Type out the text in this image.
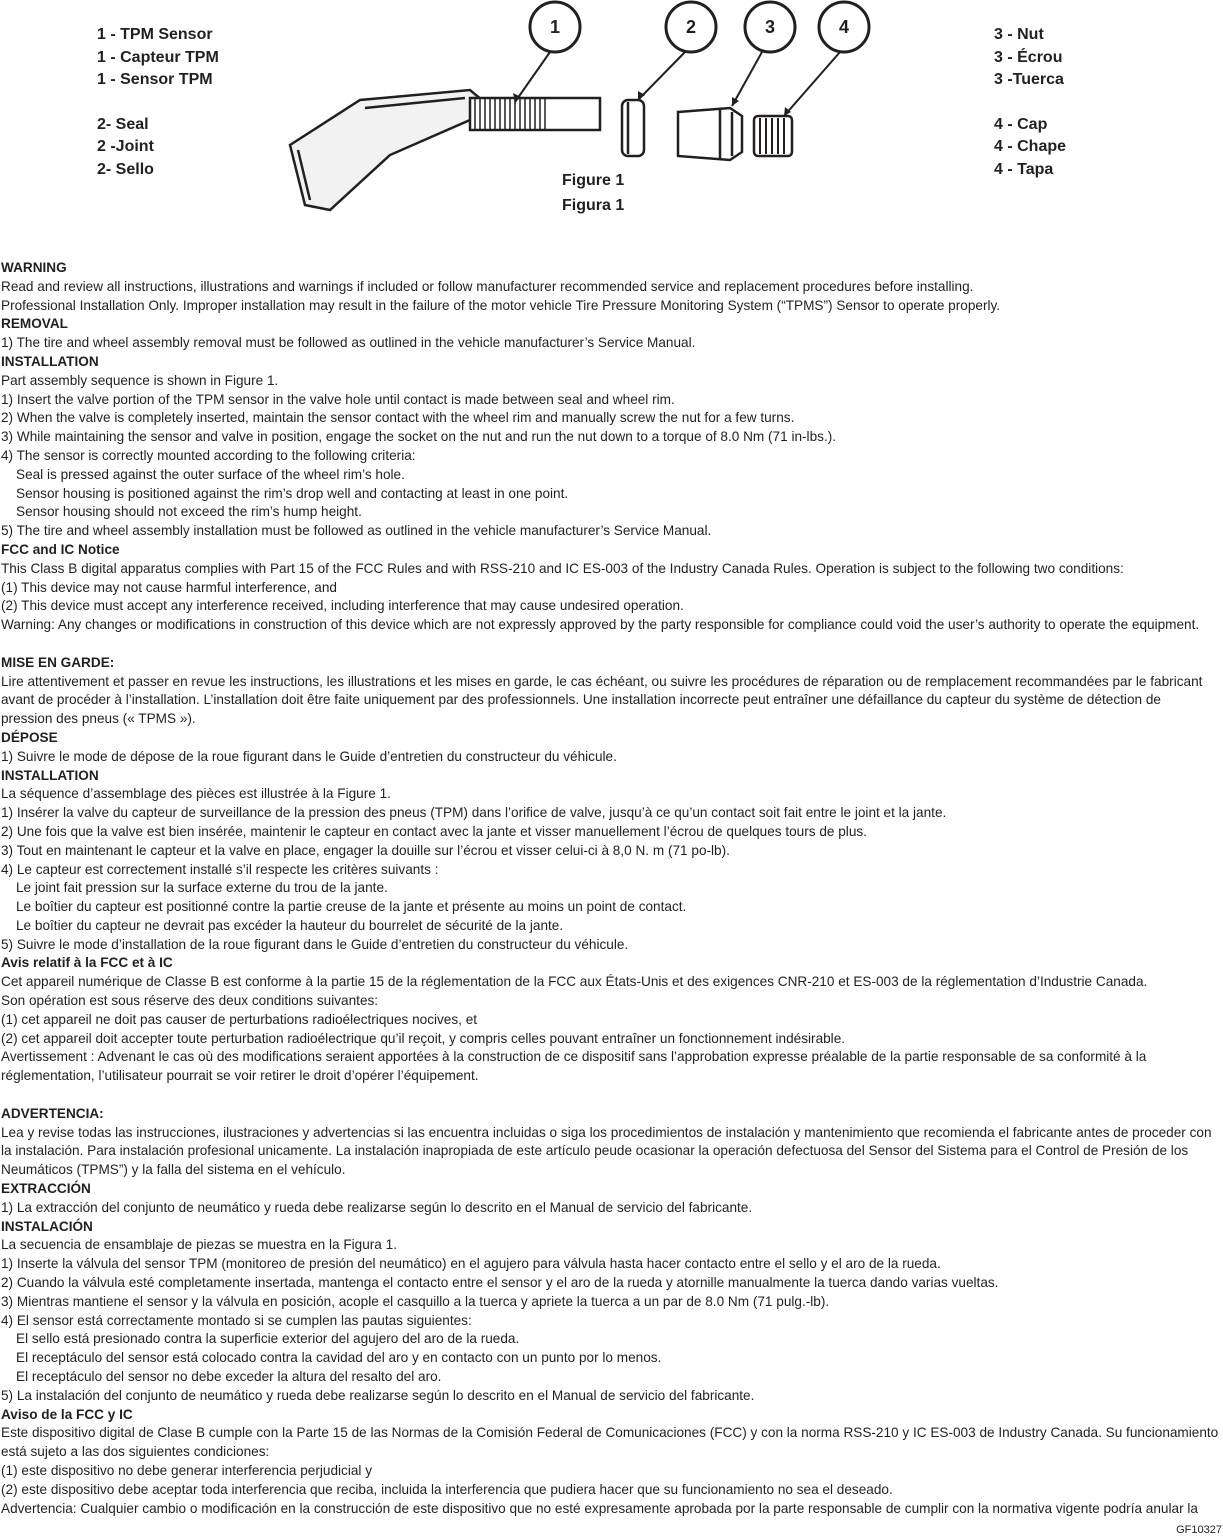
1 - TPM Sensor
1 - Capteur TPM
1 - Sensor TPM
2- Seal
2 -Joint
2- Sello
3 - Nut
3 - Écrou
3 -Tuerca
4 - Cap
4 - Chape
4 - Tapa
1	2	3	4
Figure 1
Figura 1
WARNING
Read and review all instructions, illustrations and warnings if included or follow manufacturer recommended service and replacement procedures before installing.
Professional Installation Only. Improper installation may result in the failure of the motor vehicle Tire Pressure Monitoring System (“TPMS”) Sensor to operate properly.
REMOVAL
1) The tire and wheel assembly removal must be followed as outlined in the vehicle manufacturer’s Service Manual.
INSTALLATION
Part assembly sequence is shown in Figure 1.
1) Insert the valve portion of the TPM sensor in the valve hole until contact is made between seal and wheel rim.
2) When the valve is completely inserted, maintain the sensor contact with the wheel rim and manually screw the nut for a few turns.
3) While maintaining the sensor and valve in position, engage the socket on the nut and run the nut down to a torque of 8.0 Nm (71 in-lbs.).
4) The sensor is correctly mounted according to the following criteria:
Seal is pressed against the outer surface of the wheel rim’s hole.
Sensor housing is positioned against the rim’s drop well and contacting at least in one point.
Sensor housing should not exceed the rim’s hump height.
5) The tire and wheel assembly installation must be followed as outlined in the vehicle manufacturer’s Service Manual.
FCC and IC Notice
This Class B digital apparatus complies with Part 15 of the FCC Rules and with RSS-210 and IC ES-003 of the Industry Canada Rules. Operation is subject to the following two conditions:
(1) This device may not cause harmful interference, and
(2) This device must accept any interference received, including interference that may cause undesired operation.
Warning: Any changes or modifications in construction of this device which are not expressly approved by the party responsible for compliance could void the user’s authority to operate the equipment.
MISE EN GARDE:
Lire attentivement et passer en revue les instructions, les illustrations et les mises en garde, le cas échéant, ou suivre les procédures de réparation ou de remplacement recommandées par le fabricant
avant de procéder à l’installation. L’installation doit être faite uniquement par des professionnels. Une installation incorrecte peut entraîner une défaillance du capteur du système de détection de
pression des pneus (« TPMS »).
DÉPOSE
1) Suivre le mode de dépose de la roue figurant dans le Guide d’entretien du constructeur du véhicule.
INSTALLATION
La séquence d’assemblage des pièces est illustrée à la Figure 1.
1) Insérer la valve du capteur de surveillance de la pression des pneus (TPM) dans l’orifice de valve, jusqu’à ce qu’un contact soit fait entre le joint et la jante.
2) Une fois que la valve est bien insérée, maintenir le capteur en contact avec la jante et visser manuellement l’écrou de quelques tours de plus.
3) Tout en maintenant le capteur et la valve en place, engager la douille sur l’écrou et visser celui-ci à 8,0 N. m (71 po-lb).
4) Le capteur est correctement installé s’il respecte les critères suivants :
Le joint fait pression sur la surface externe du trou de la jante.
Le boîtier du capteur est positionné contre la partie creuse de la jante et présente au moins un point de contact.
Le boîtier du capteur ne devrait pas excéder la hauteur du bourrelet de sécurité de la jante.
5) Suivre le mode d’installation de la roue figurant dans le Guide d’entretien du constructeur du véhicule.
Avis relatif à la FCC et à IC
Cet appareil numérique de Classe B est conforme à la partie 15 de la réglementation de la FCC aux États-Unis et des exigences CNR-210 et ES-003 de la réglementation d’Industrie Canada.
Son opération est sous réserve des deux conditions suivantes:
(1) cet appareil ne doit pas causer de perturbations radioélectriques nocives, et
(2) cet appareil doit accepter toute perturbation radioélectrique qu’il reçoit, y compris celles pouvant entraîner un fonctionnement indésirable.
Avertissement : Advenant le cas où des modifications seraient apportées à la construction de ce dispositif sans l’approbation expresse préalable de la partie responsable de sa conformité à la
réglementation, l’utilisateur pourrait se voir retirer le droit d’opérer l’équipement.
ADVERTENCIA:
Lea y revise todas las instrucciones, ilustraciones y advertencias si las encuentra incluidas o siga los procedimientos de instalación y mantenimiento que recomienda el fabricante antes de proceder con
la instalación. Para instalación profesional unicamente. La instalación inapropiada de este artículo peude ocasionar la operación defectuosa del Sensor del Sistema para el Control de Presión de los
Neumáticos (TPMS”) y la falla del sistema en el vehículo.
EXTRACCIÓN
1) La extracción del conjunto de neumático y rueda debe realizarse según lo descrito en el Manual de servicio del fabricante.
INSTALACIÓN
La secuencia de ensamblaje de piezas se muestra en la Figura 1.
1) Inserte la válvula del sensor TPM (monitoreo de presión del neumático) en el agujero para válvula hasta hacer contacto entre el sello y el aro de la rueda.
2) Cuando la válvula esté completamente insertada, mantenga el contacto entre el sensor y el aro de la rueda y atornille manualmente la tuerca dando varias vueltas.
3) Mientras mantiene el sensor y la válvula en posición, acople el casquillo a la tuerca y apriete la tuerca a un par de 8.0 Nm (71 pulg.-lb).
4) El sensor está correctamente montado si se cumplen las pautas siguientes:
El sello está presionado contra la superficie exterior del agujero del aro de la rueda.
El receptáculo del sensor está colocado contra la cavidad del aro y en contacto con un punto por lo menos.
El receptáculo del sensor no debe exceder la altura del resalto del aro.
5) La instalación del conjunto de neumático y rueda debe realizarse según lo descrito en el Manual de servicio del fabricante.
Aviso de la FCC y IC
Este dispositivo digital de Clase B cumple con la Parte 15 de las Normas de la Comisión Federal de Comunicaciones (FCC) y con la norma RSS-210 y IC ES-003 de Industry Canada. Su funcionamiento
está sujeto a las dos siguientes condiciones:
(1) este dispositivo no debe generar interferencia perjudicial y
(2) este dispositivo debe aceptar toda interferencia que reciba, incluida la interferencia que pudiera hacer que su funcionamiento no sea el deseado.
Advertencia: Cualquier cambio o modificación en la construcción de este dispositivo que no esté expresamente aprobada por la parte responsable de cumplir con la normativa vigente podría anular la
GF10327
